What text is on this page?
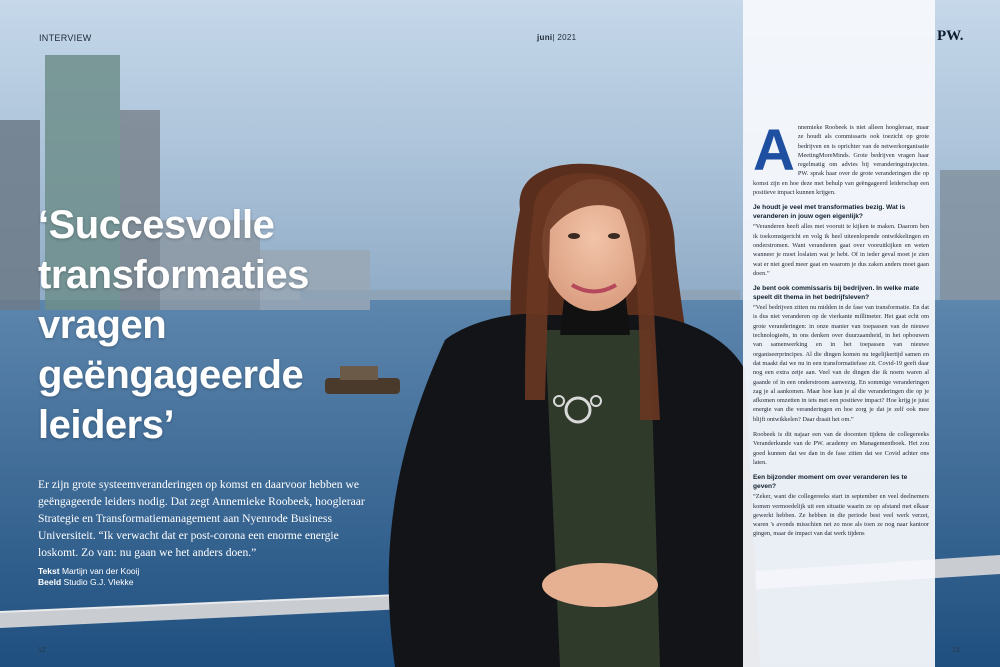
INTERVIEW	juni| 2021	PW.
‘Succesvolle
transformaties
vragen
geëngageerde
leiders’

Er zijn grote systeemveranderingen op komst en daarvoor hebben we geëngageerde leiders nodig. Dat zegt Annemieke Roobeek, hoogleraar Strategie en Transformatiemanagement aan Nyenrode Business Universiteit. “Ik verwacht dat er post-corona een enorme energie loskomt. Zo van: nu gaan we het anders doen.”

Tekst Martijn van der Kooij
Beeld Studio G.J. Vlekke
12

Annemieke Roobeek is niet alleen hoogleraar, maar ze houdt als commissaris ook toezicht op grote bedrijven en is oprichter van de netwerkorganisatie MeetingMoreMinds. Grote bedrijven vragen haar regelmatig om advies bij veranderingstrajecten. PW. sprak haar over de grote veranderingen die op komst zijn en hoe deze met behulp van geëngageerd leiderschap een positieve impact kunnen krijgen.

Je houdt je veel met transformaties bezig. Wat is veranderen in jouw ogen eigenlijk?

“Veranderen heeft alles met vooruit te kijken te maken. Daarom ben ik toekomstgericht en volg ik heel uiteenlopende ontwikkelingen en onderstromen. Want veranderen gaat over vooruitkijken en weten wanneer je moet loslaten wat je hebt. Of in ieder geval moet je zien wat er niet goed meer gaat en waarom je dus zaken anders moet gaan doen.”

Je bent ook commissaris bij bedrijven. In welke mate speelt dit thema in het bedrijfsleven?

“Veel bedrijven zitten nu midden in de fase van transformatie. En dat is dus niet veranderen op de vierkante millimeter. Het gaat echt om grote veranderingen: in onze manier van toepassen van de nieuwe technologieën, in ons denken over duurzaamheid, in het opbouwen van samenwerking en in het toepassen van nieuwe organiseerprincipes. Al die dingen komen nu tegelijkertijd samen en dat maakt dat we nu in een transformatiefase zit. Covid-19 geeft daar nog een extra zetje aan. Veel van de dingen die ik noem waren al gaande of in een onderstroom aanwezig. En sommige veranderingen zag je al aankomen. Maar hoe kan je al die veranderingen die op je afkomen omzetten in iets met een positieve impact? Hoe krijg je juist energie van die veranderingen en hoe zorg je dat je zelf ook mee blijft ontwikkelen? Daar draait het om.”

Roobeek is dit najaar een van de docenten tijdens de collegereeks Veranderkunde van de PW. academy en Managementboek. Het zou goed kunnen dat we dan in de fase zitten dat we Covid achter ons laten.

Een bijzonder moment om over veranderen les te geven?

“Zeker, want die collegereeks start in september en veel deelnemers komen vermoedelijk uit een situatie waarin ze op afstand met elkaar gewerkt hebben. Ze hebben in die periode best veel werk verzet, waren 's avonds misschien net zo moe als toen ze nog naar kantoor gingen, maar de impact van dat werk tijdens

13
